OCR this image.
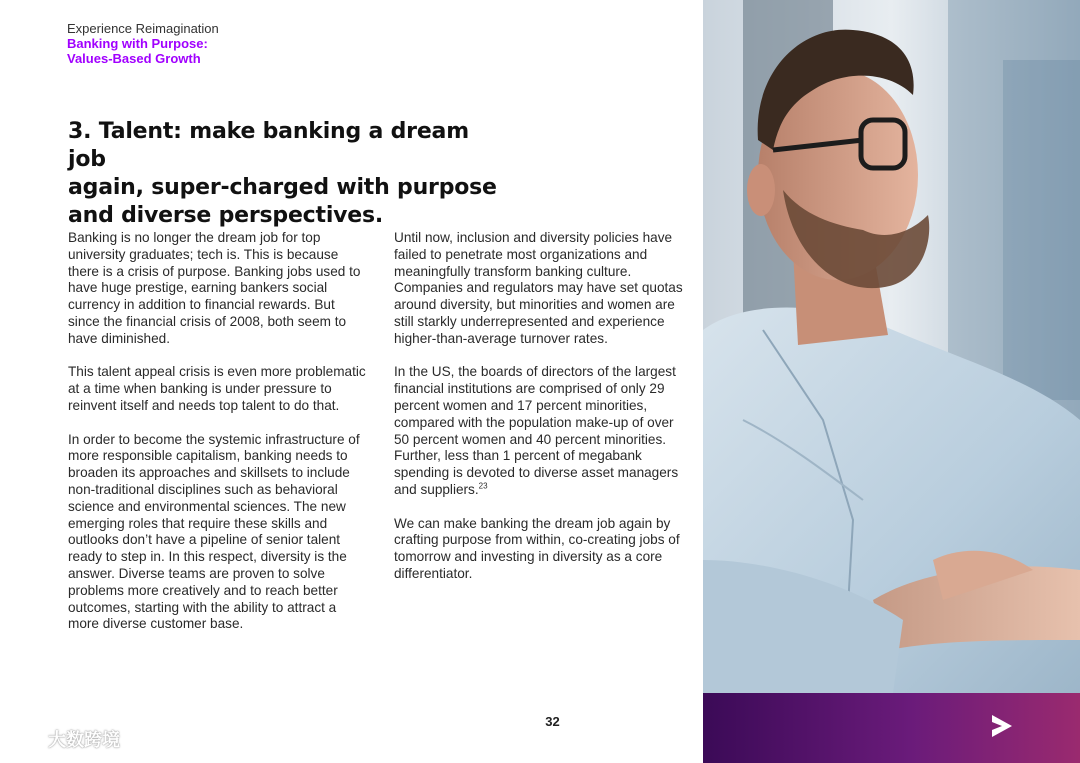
Experience Reimagination
Banking with Purpose:
Values-Based Growth
3. Talent: make banking a dream job
again, super-charged with purpose
and diverse perspectives.

Banking is no longer the dream job for top university graduates; tech is. This is because there is a crisis of purpose. Banking jobs used to have huge prestige, earning bankers social currency in addition to financial rewards. But since the financial crisis of 2008, both seem to have diminished.

This talent appeal crisis is even more problematic at a time when banking is under pressure to reinvent itself and needs top talent to do that.

In order to become the systemic infrastructure of more responsible capitalism, banking needs to broaden its approaches and skillsets to include non-traditional disciplines such as behavioral science and environmental sciences. The new emerging roles that require these skills and outlooks don’t have a pipeline of senior talent ready to step in. In this respect, diversity is the answer. Diverse teams are proven to solve problems more creatively and to reach better outcomes, starting with the ability to attract a more diverse customer base.

Until now, inclusion and diversity policies have failed to penetrate most organizations and meaningfully transform banking culture. Companies and regulators may have set quotas around diversity, but minorities and women are still starkly underrepresented and experience higher-than-average turnover rates.

In the US, the boards of directors of the largest financial institutions are comprised of only 29 percent women and 17 percent minorities, compared with the population make-up of over 50 percent women and 40 percent minorities. Further, less than 1 percent of megabank spending is devoted to diverse asset managers and suppliers.$^{23}$

We can make banking the dream job again by crafting purpose from within, co-creating jobs of tomorrow and investing in diversity as a core differentiator.

32
大数跨境
